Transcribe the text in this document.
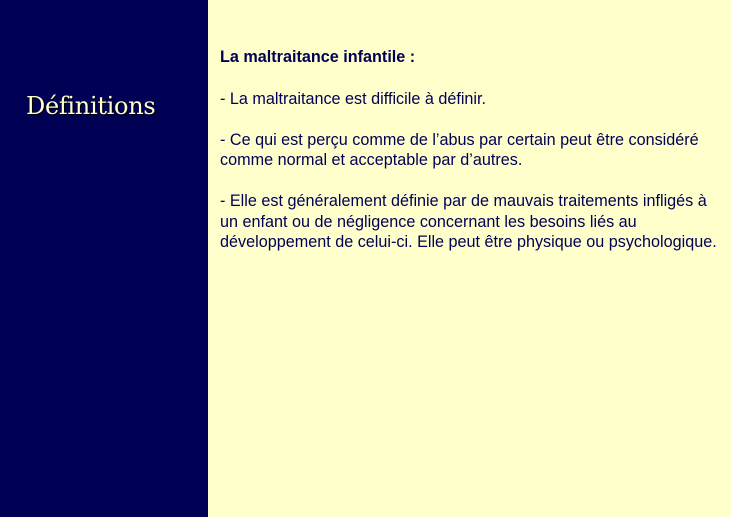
Définitions
La maltraitance infantile :
- La maltraitance est difficile à définir.
- Ce qui est perçu comme de l’abus par certain peut être considéré comme normal et acceptable par d’autres.
- Elle est généralement définie par de mauvais traitements infligés à un enfant ou de négligence concernant les besoins liés au développement de celui-ci. Elle peut être physique ou psychologique.
